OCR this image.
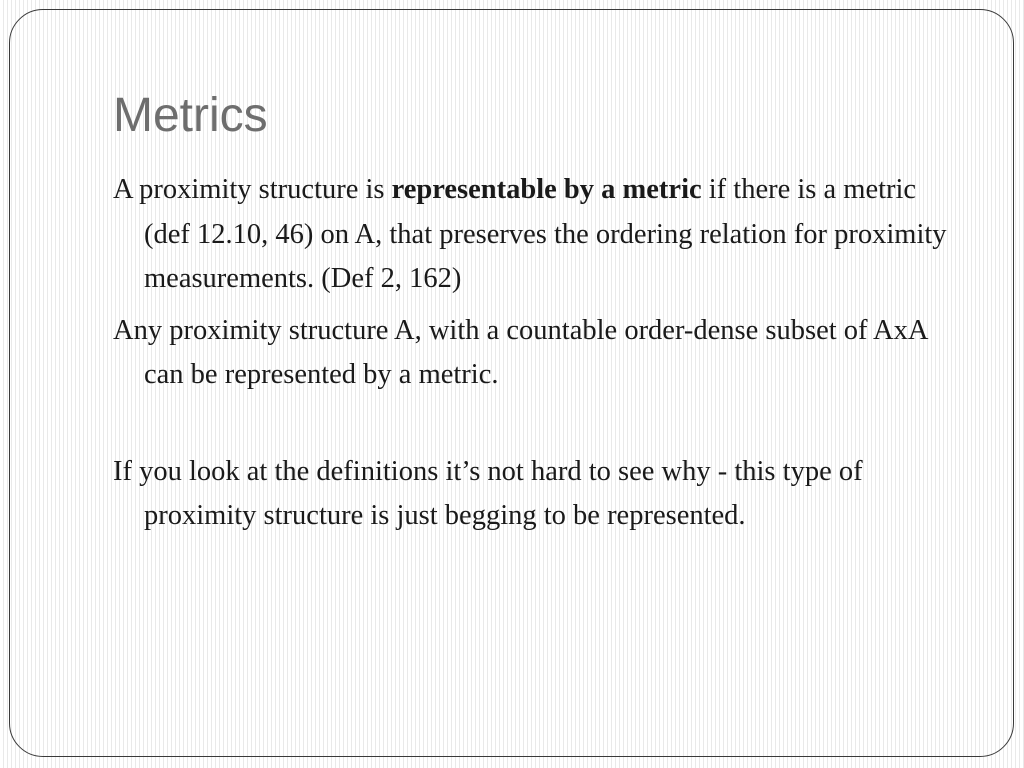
Metrics

A proximity structure is representable by a metric if there is a metric (def 12.10, 46) on A, that preserves the ordering relation for proximity measurements. (Def 2, 162)

Any proximity structure A, with a countable order-dense subset of AxA can be represented by a metric.

If you look at the definitions it’s not hard to see why - this type of proximity structure is just begging to be represented.
